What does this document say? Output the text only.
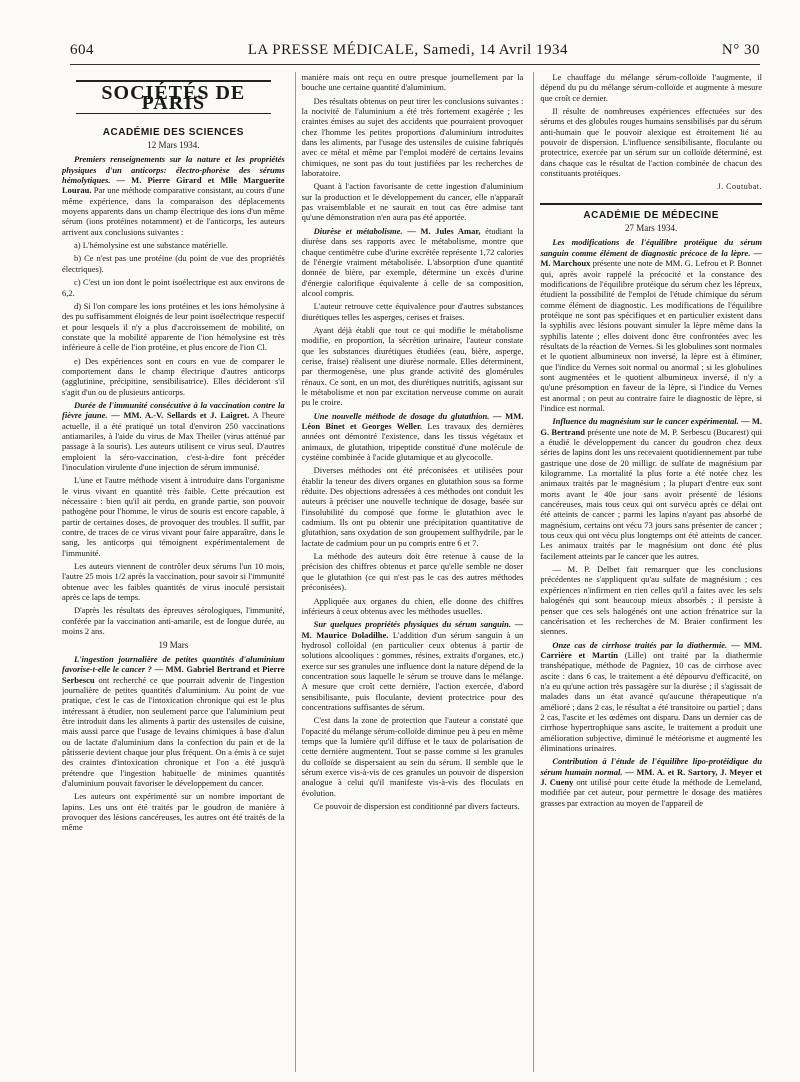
604	LA PRESSE MÉDICALE, Samedi, 14 Avril 1934	N° 30
SOCIÉTÉS DE PARIS
ACADÉMIE DES SCIENCES
12 Mars 1934.

Premiers renseignements sur la nature et les propriétés physiques d'un anticorps: électro-phorèse des sérums hémolytiques. — M. Pierre Girard et Mlle Marguerite Lourau. Par une méthode comparative consistant, au cours d'une même expérience, dans la comparaison des déplacements moyens apparents dans un champ électrique des ions d'un même sérum (ions protéines notamment) et de l'anticorps, les auteurs arrivent aux conclusions suivantes :

a) L'hémolysine est une substance matérielle.

b) Ce n'est pas une protéine (du point de vue des propriétés électriques).

c) C'est un ion dont le point isoélectrique est aux environs de 6,2.

d) Si l'on compare les ions protéines et les ions hémolysine à des pu suffisamment éloignés de leur point isoélectrique respectif et pour lesquels il n'y a plus d'accroissement de mobilité, on constate que la mobilité apparente de l'ion hémolysine est très inférieure à celle de l'ion protéine, et plus encore de l'ion Cl.

e) Des expériences sont en cours en vue de comparer le comportement dans le champ électrique d'autres anticorps (agglutinine, précipitine, sensibilisatrice). Elles décideront s'il s'agit d'un ou de plusieurs anticorps.

Durée de l'immunité consécutive à la vaccination contre la fièvre jaune. — MM. A.-V. Sellards et J. Laigret. A l'heure actuelle, il a été pratiqué un total d'environ 250 vaccinations antiamariles, à l'aide du virus de Max Theiler (virus atténué par passage à la souris). Les auteurs utilisent ce virus seul. D'autres emploient la séro-vaccination, c'est-à-dire font précéder l'inoculation virulente d'une injection de sérum immunisé.

L'une et l'autre méthode visent à introduire dans l'organisme le virus vivant en quantité très faible. Cette précaution est nécessaire : bien qu'il ait perdu, en grande partie, son pouvoir pathogène pour l'homme, le virus de souris est encore capable, à partir de certaines doses, de provoquer des troubles. Il suffit, par contre, de traces de ce virus vivant pour faire apparaître, dans le sang, les anticorps qui témoignent expérimentalement de l'immunité.

Les auteurs viennent de contrôler deux sérums l'un 10 mois, l'autre 25 mois 1/2 après la vaccination, pour savoir si l'immunité obtenue avec les faibles quantités de virus inoculé persistait après ce laps de temps.

D'après les résultats des épreuves sérologiques, l'immunité, conférée par la vaccination anti-amarile, est de longue durée, au moins 2 ans.

19 Mars

L'ingestion journalière de petites quantités d'aluminium favorise-t-elle le cancer ? — MM. Gabriel Bertrand et Pierre Serbescu ont recherché ce que pourrait advenir de l'ingestion journalière de petites quantités d'aluminium. Au point de vue pratique, c'est le cas de l'intoxication chronique qui est le plus intéressant à étudier, non seulement parce que l'aluminium peut être introduit dans les aliments à partir des ustensiles de cuisine, mais aussi parce que l'usage de levains chimiques à base d'alun ou de lactate d'aluminium dans la confection du pain et de la pâtisserie devient chaque jour plus fréquent. On a émis à ce sujet des craintes d'intoxication chronique et l'on a été jusqu'à prétendre que l'ingestion habituelle de minimes quantités d'aluminium pouvait favoriser le développement du cancer.

Les auteurs ont expérimenté sur un nombre important de lapins. Les uns ont été traités par le goudron de manière à provoquer des lésions cancéreuses, les autres ont été traités de la même

manière mais ont reçu en outre presque journellement par la bouche une certaine quantité d'aluminium.

Des résultats obtenus on peut tirer les conclusions suivantes : la nocivité de l'aluminium a été très fortement exagérée ; les craintes émises au sujet des accidents que pourraient provoquer chez l'homme les petites proportions d'aluminium introduites dans les aliments, par l'usage des ustensiles de cuisine fabriqués avec ce métal et même par l'emploi modéré de certains levains chimiques, ne sont pas du tout justifiées par les recherches de laboratoire.

Quant à l'action favorisante de cette ingestion d'aluminium sur la production et le développement du cancer, elle n'apparaît pas vraisemblable et ne saurait en tout cas être admise tant qu'une démonstration n'en aura pas été apportée.

Diurèse et métabolisme. — M. Jules Amar, étudiant la diurèse dans ses rapports avec le métabolisme, montre que chaque centimètre cube d'urine excrétée représente 1,72 calories de l'énergie vraiment métabolisée. L'absorption d'une quantité donnée de bière, par exemple, détermine un excès d'urine d'énergie calorifique équivalente à celle de sa composition, alcool compris.

L'auteur retrouve cette équivalence pour d'autres substances diurétiques telles les asperges, cerises et fraises.

Ayant déjà établi que tout ce qui modifie le métabolisme modifie, en proportion, la sécrétion urinaire, l'auteur constate que les substances diurétiques étudiées (eau, bière, asperge, cerise, fraise) réalisent une diurèse normale. Elles déterminent, par thermogenèse, une plus grande activité des glomérules rénaux. Ce sont, en un mot, des diurétiques nutritifs, agissant sur le métabolisme et non par excitation nerveuse comme on aurait pu le croire.

Une nouvelle méthode de dosage du glutathion. — MM. Léon Binet et Georges Weller. Les travaux des dernières années ont démontré l'existence, dans les tissus végétaux et animaux, de glutathion, tripeptide constitué d'une molécule de cystéine combinée à l'acide glutamique et au glycocolle.

Diverses méthodes ont été préconisées et utilisées pour établir la teneur des divers organes en glutathion sous sa forme réduite. Des objections adressées à ces méthodes ont conduit les auteurs à préciser une nouvelle technique de dosage, basée sur l'insolubilité du composé que forme le glutathion avec le cadmium. Ils ont pu obtenir une précipitation quantitative de glutathion, sans oxydation de son groupement sulfhydrile, par le lactate de cadmium pour un pu compris entre 6 et 7.

La méthode des auteurs doit être retenue à cause de la précision des chiffres obtenus et parce qu'elle semble ne doser que le glutathion (ce qui n'est pas le cas des autres méthodes préconisées).

Appliquée aux organes du chien, elle donne des chiffres inférieurs à ceux obtenus avec les méthodes usuelles.

Sur quelques propriétés physiques du sérum sanguin. — M. Maurice Doladilhe. L'addition d'un sérum sanguin à un hydrosol colloïdal (en particulier ceux obtenus à partir de solutions alcooliques : gommes, résines, extraits d'organes, etc.) exerce sur ses granules une influence dont la nature dépend de la concentration sous laquelle le sérum se trouve dans le mélange. A mesure que croît cette dernière, l'action exercée, d'abord sensibilisante, puis floculante, devient protectrice pour des concentrations suffisantes de sérum.

C'est dans la zone de protection que l'auteur a constaté que l'opacité du mélange sérum-colloïde diminue peu à peu en même temps que la lumière qu'il diffuse et le taux de polarisation de cette dernière augmentent. Tout se passe comme si les granules du colloïde se dispersaient au sein du sérum. Il semble que le sérum exerce vis-à-vis de ces granules un pouvoir de dispersion analogue à celui qu'il manifeste vis-à-vis des floculats en évolution.

Ce pouvoir de dispersion est conditionné par divers facteurs.

Le chauffage du mélange sérum-colloïde l'augmente, il dépend du pu du mélange sérum-colloïde et augmente à mesure que croît ce dernier.

Il résulte de nombreuses expériences effectuées sur des sérums et des globules rouges humains sensibilisés par du sérum anti-humain que le pouvoir alexique est étroitement lié au pouvoir de dispersion. L'influence sensibilisante, floculante ou protectrice, exercée par un sérum sur un colloïde déterminé, est dans chaque cas le résultat de l'action combinée de chacun des constituants protéiques.

J. Coutubat.
ACADÉMIE DE MÉDECINE
27 Mars 1934.

Les modifications de l'équilibre protéique du sérum sanguin comme élément de diagnostic précoce de la lèpre. — M. Marchoux présente une note de MM. G. Lefrou et P. Bonnet qui, après avoir rappelé la précocité et la constance des modifications de l'équilibre protéique du sérum chez les lépreux, étudient la possibilité de l'emploi de l'étude chimique du sérum comme élément de diagnostic. Les modifications de l'équilibre protéique ne sont pas spécifiques et en particulier existent dans la syphilis avec lésions pouvant simuler la lèpre même dans la syphilis latente ; elles doivent donc être confrontées avec les résultats de la réaction de Vernes. Si les globulines sont normales et le quotient albumineux non inversé, la lèpre est à éliminer, que l'indice du Vernes soit normal ou anormal ; si les globulines sont augmentées et le quotient albumineux inversé, il n'y a qu'une présomption en faveur de la lèpre, si l'indice du Vernes est anormal ; on peut au contraire faire le diagnostic de lèpre, si l'indice est normal.

Influence du magnésium sur le cancer expérimental. — M. G. Bertrand présente une note de M. P. Serbescu (Bucarest) qui a étudié le développement du cancer du goudron chez deux séries de lapins dont les uns recevaient quotidiennement par tube gastrique une dose de 20 milligr. de sulfate de magnésium par kilogramme. La mortalité la plus forte a été notée chez les animaux traités par le magnésium ; la plupart d'entre eux sont morts avant le 40e jour sans avoir présenté de lésions cancéreuses, mais tous ceux qui ont survécu après ce délai ont été atteints de cancer ; parmi les lapins n'ayant pas absorbé de magnésium, certains ont vécu 73 jours sans présenter de cancer ; tous ceux qui ont vécu plus longtemps ont été atteints de cancer. Les animaux traités par le magnésium ont donc été plus facilement atteints par le cancer que les autres.

— M. P. Delbet fait remarquer que les conclusions précédentes ne s'appliquent qu'au sulfate de magnésium ; ces expériences n'infirment en rien celles qu'il a faites avec les sels halogénés qui sont beaucoup mieux absorbés ; il persiste à penser que ces sels halogénés ont une action frénatrice sur la cancérisation et les recherches de M. Braier confirment les siennes.

Onze cas de cirrhose traités par la diathermie. — MM. Carrière et Martin (Lille) ont traité par la diathermie transhépatique, méthode de Pagniez, 10 cas de cirrhose avec ascite : dans 6 cas, le traitement a été dépourvu d'efficacité, on n'a eu qu'une action très passagère sur la diurèse ; il s'agissait de malades dans un état avancé qu'aucune thérapeutique n'a amélioré ; dans 2 cas, le résultat a été transitoire ou partiel ; dans 2 cas, l'ascite et les œdèmes ont disparu. Dans un dernier cas de cirrhose hypertrophique sans ascite, le traitement a produit une amélioration subjective, diminué le météorisme et augmenté les éliminations urinaires.

Contribution à l'étude de l'équilibre lipo-protéidique du sérum humain normal. — MM. A. et R. Sartory, J. Meyer et J. Cueny ont utilisé pour cette étude la méthode de Lemeland, modifiée par cet auteur, pour permettre le dosage des matières grasses par extraction au moyen de l'appareil de
